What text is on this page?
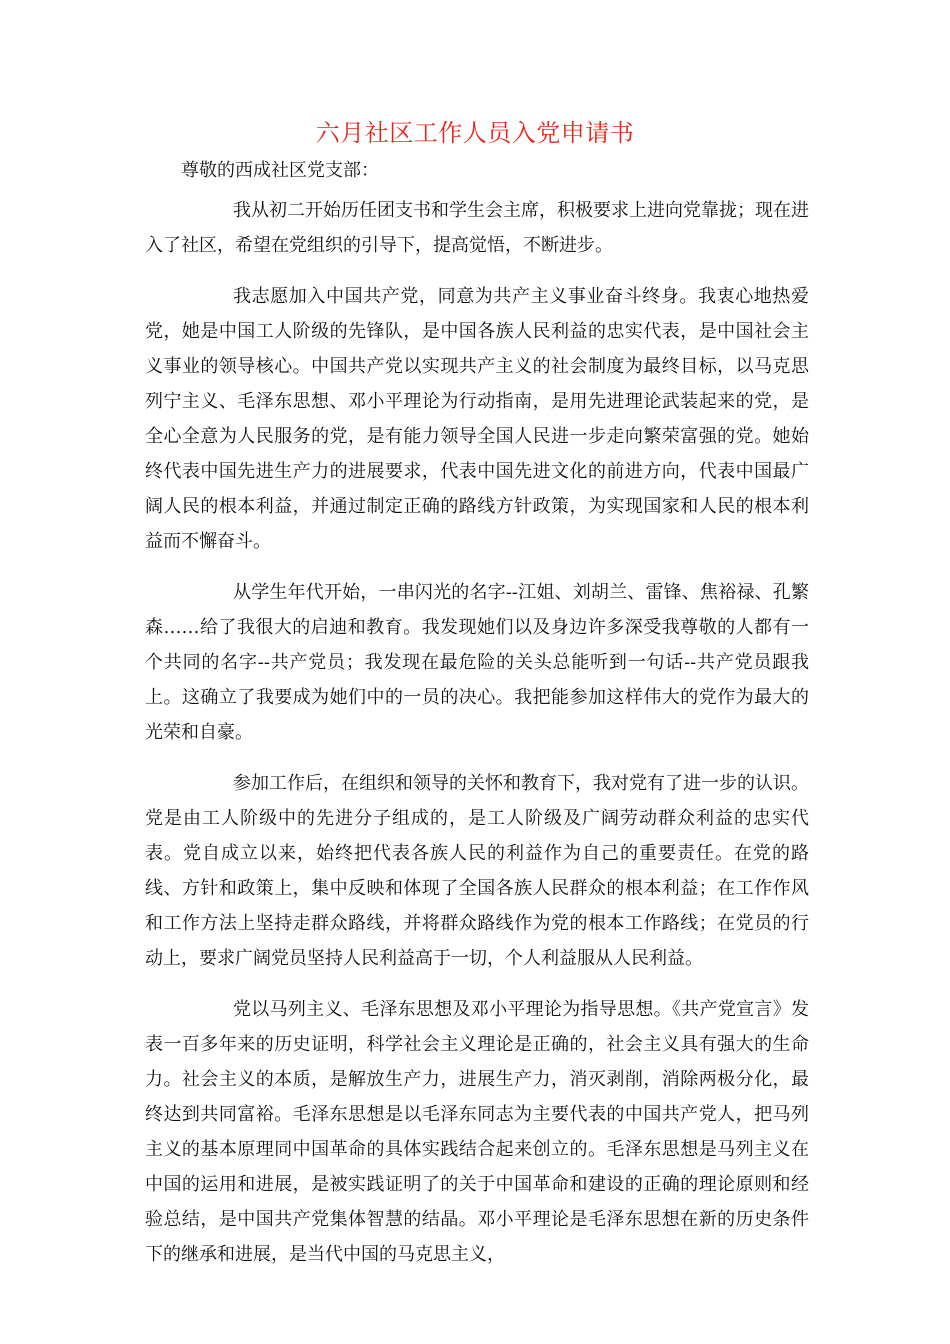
六月社区工作人员入党申请书
尊敬的西成社区党支部：

我从初二开始历任团支书和学生会主席，积极要求上进向党靠拢；现在进入了社区，希望在党组织的引导下，提高觉悟，不断进步。

我志愿加入中国共产党，同意为共产主义事业奋斗终身。我衷心地热爱党，她是中国工人阶级的先锋队，是中国各族人民利益的忠实代表，是中国社会主义事业的领导核心。中国共产党以实现共产主义的社会制度为最终目标，以马克思列宁主义、毛泽东思想、邓小平理论为行动指南，是用先进理论武装起来的党，是全心全意为人民服务的党，是有能力领导全国人民进一步走向繁荣富强的党。她始终代表中国先进生产力的进展要求，代表中国先进文化的前进方向，代表中国最广阔人民的根本利益，并通过制定正确的路线方针政策，为实现国家和人民的根本利益而不懈奋斗。

从学生年代开始，一串闪光的名字--江姐、刘胡兰、雷锋、焦裕禄、孔繁森……给了我很大的启迪和教育。我发现她们以及身边许多深受我尊敬的人都有一个共同的名字--共产党员；我发现在最危险的关头总能听到一句话--共产党员跟我上。这确立了我要成为她们中的一员的决心。我把能参加这样伟大的党作为最大的光荣和自豪。

参加工作后，在组织和领导的关怀和教育下，我对党有了进一步的认识。党是由工人阶级中的先进分子组成的，是工人阶级及广阔劳动群众利益的忠实代表。党自成立以来，始终把代表各族人民的利益作为自己的重要责任。在党的路线、方针和政策上，集中反映和体现了全国各族人民群众的根本利益；在工作作风和工作方法上坚持走群众路线，并将群众路线作为党的根本工作路线；在党员的行动上，要求广阔党员坚持人民利益高于一切，个人利益服从人民利益。

党以马列主义、毛泽东思想及邓小平理论为指导思想。《共产党宣言》发表一百多年来的历史证明，科学社会主义理论是正确的，社会主义具有强大的生命力。社会主义的本质，是解放生产力，进展生产力，消灭剥削，消除两极分化，最终达到共同富裕。毛泽东思想是以毛泽东同志为主要代表的中国共产党人，把马列主义的基本原理同中国革命的具体实践结合起来创立的。毛泽东思想是马列主义在中国的运用和进展，是被实践证明了的关于中国革命和建设的正确的理论原则和经验总结，是中国共产党集体智慧的结晶。邓小平理论是毛泽东思想在新的历史条件下的继承和进展，是当代中国的马克思主义，
